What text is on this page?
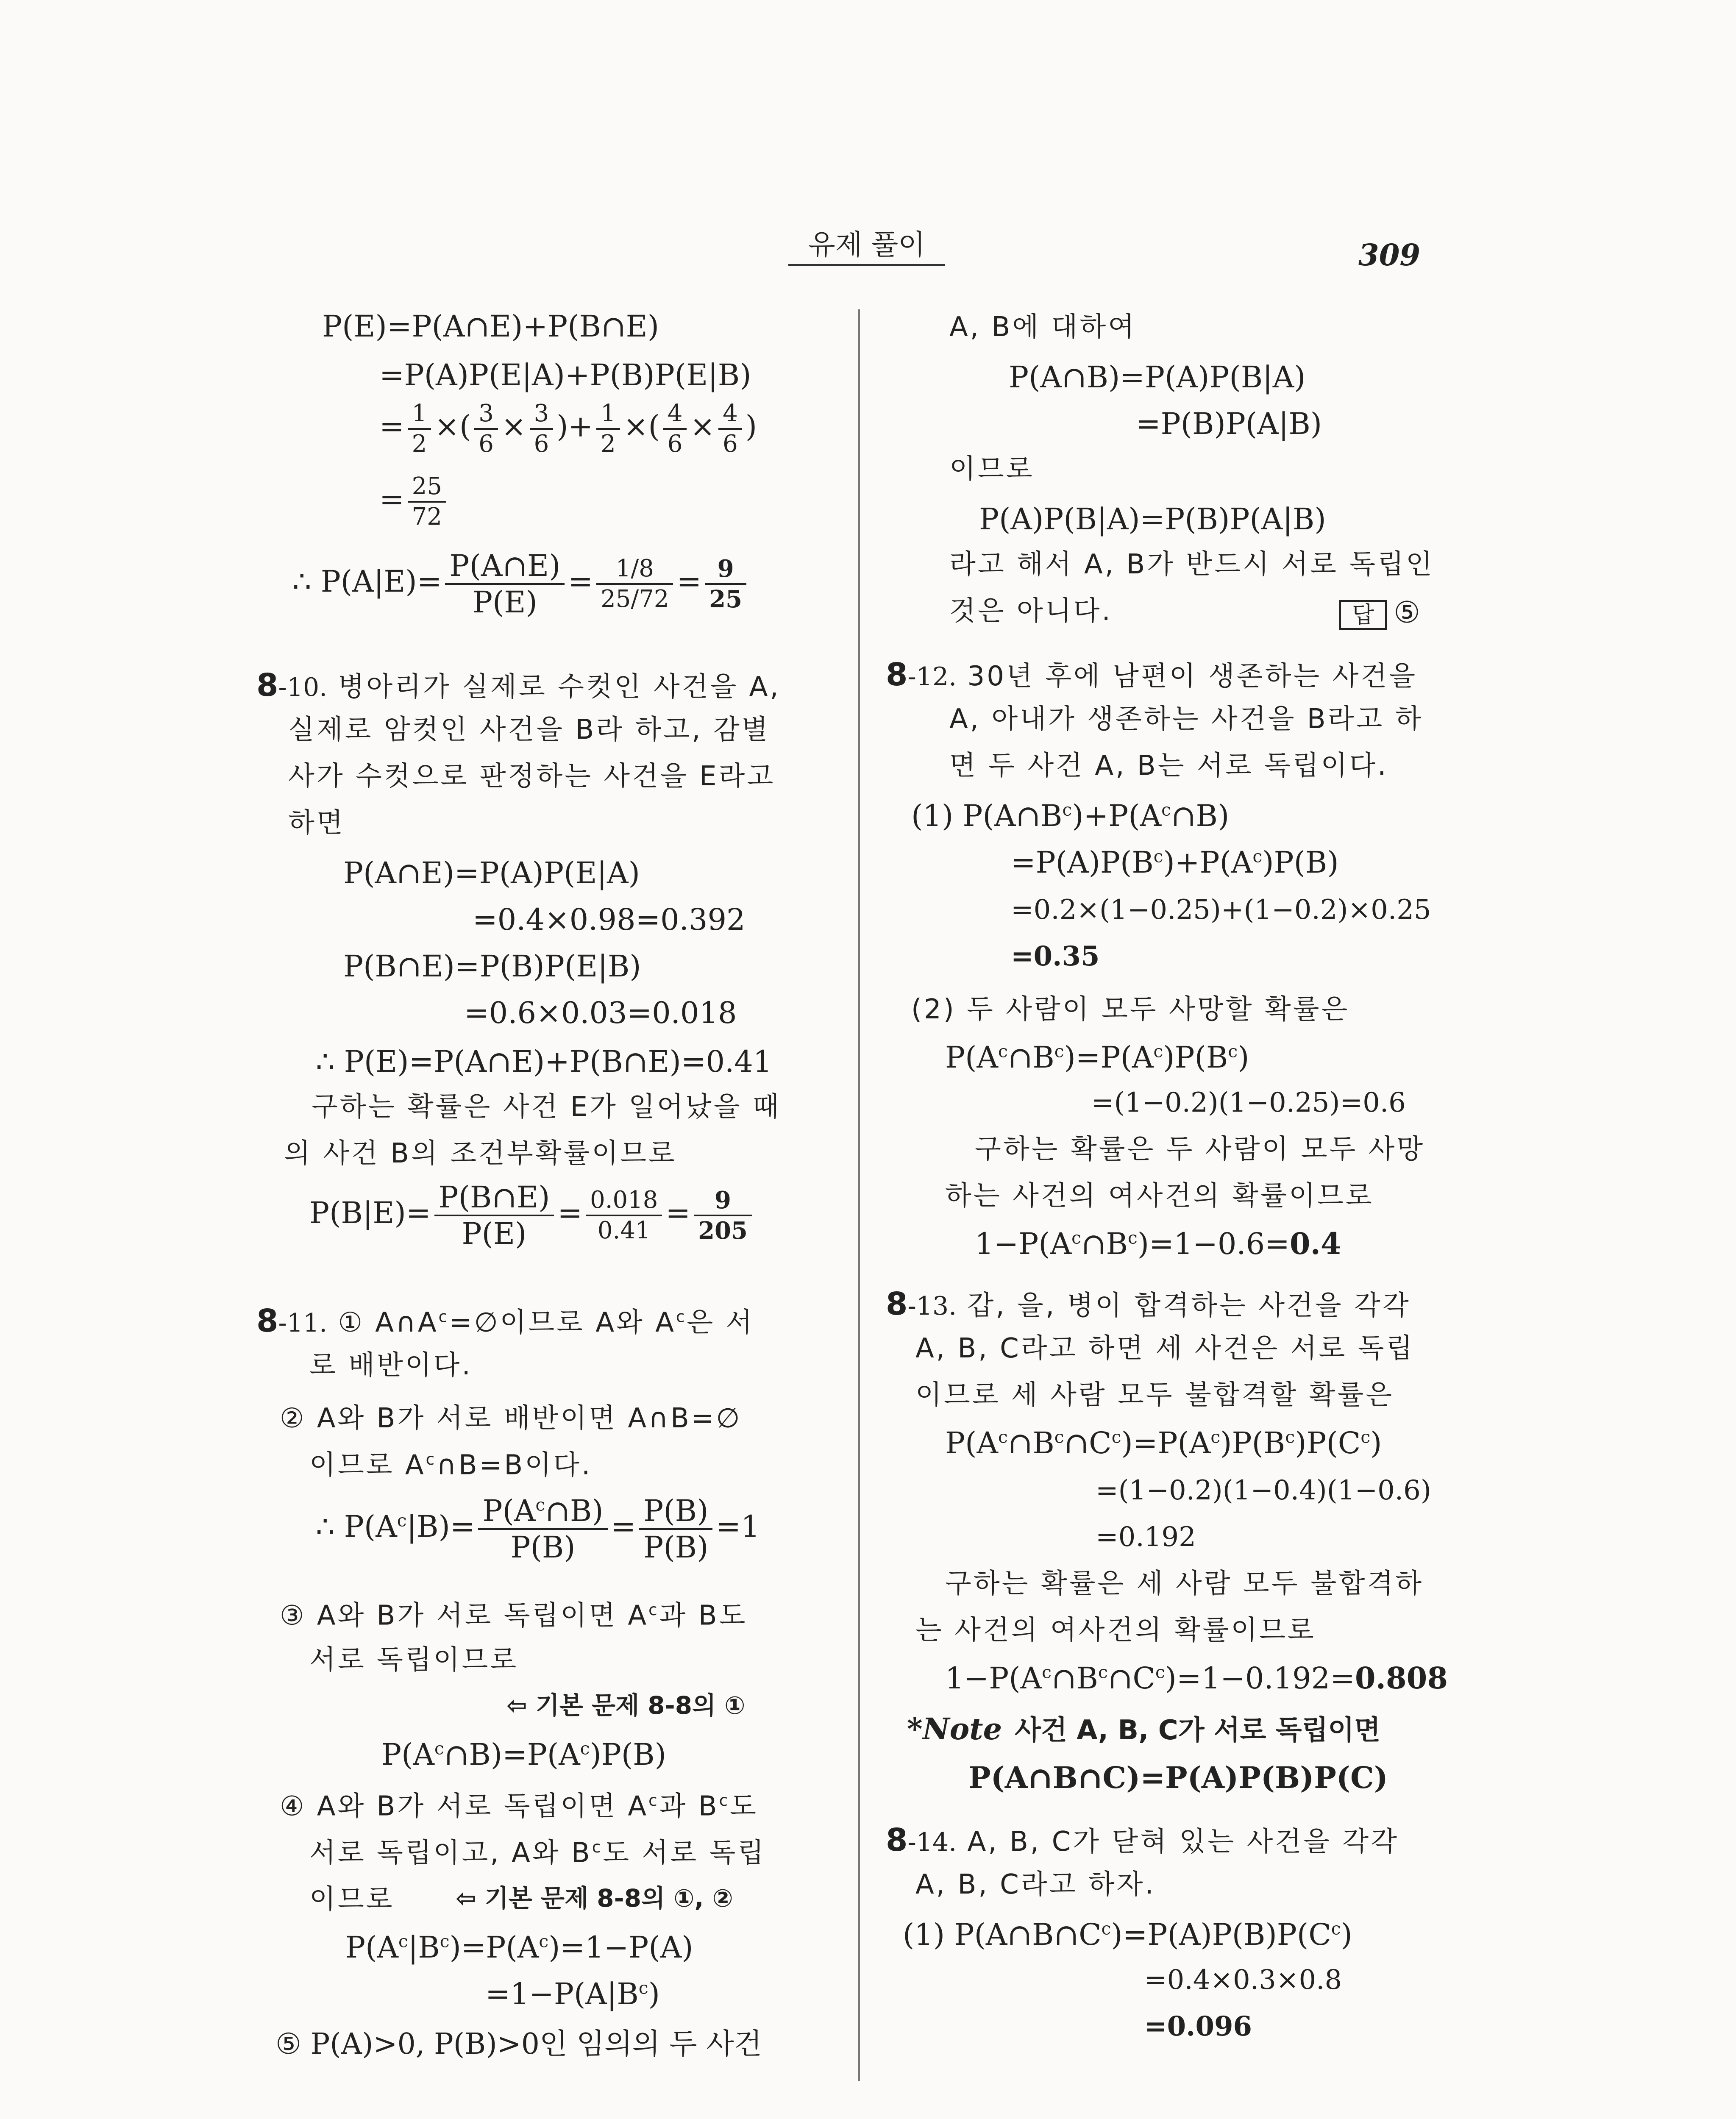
유제 풀이	309
P(E)=P(A∩E)+P(B∩E)
=P(A)P(E|A)+P(B)P(E|B)
= $\frac{1}{2}$ ×( $\frac{3}{6} \times \frac{3}{6}$ )+ $\frac{1}{2}$ ×( $\frac{4}{6} \times \frac{4}{6}$ )
= $\frac{25}{72}$
∴ $P(A|E)= \frac{P(A\cap E)}{P(E)} = \frac{1/8}{25/72} = \frac{9}{25}$
8-10. 병아리가 실제로 수컷인 사건을 A,
실제로 암컷인 사건을 B라 하고, 감별
사가 수컷으로 판정하는 사건을 E라고
하면
P(A∩E)=P(A)P(E|A)
=0.4×0.98=0.392
P(B∩E)=P(B)P(E|B)
=0.6×0.03=0.018
∴ P(E)=P(A∩E)+P(B∩E)=0.41
구하는 확률은 사건 E가 일어났을 때
의 사건 B의 조건부확률이므로
$P(B|E)= \frac{P(B\cap E)}{P(E)} = \frac{0.018}{0.41} = \frac{9}{205}$
8-11. ① $A\cap A^c=\emptyset$이므로 A와 $A^c$은 서
로 배반이다.
② A와 B가 서로 배반이면 A∩B=∅
이므로 $A^c\cap B=B$이다.
∴ $P(A^c|B)= \frac{P(A^c\cap B)}{P(B)} = \frac{P(B)}{P(B)} =1$
③ A와 B가 서로 독립이면 $A^c$과 B도
서로 독립이므로
⇦ 기본 문제 8-8의 ①
$P(A^c\cap B)=P(A^c)P(B)$
④ A와 B가 서로 독립이면 $A^c$과 $B^c$도
서로 독립이고, A와 $B^c$도 서로 독립
이므로 ⇦ 기본 문제 8-8의 ①, ②
$P(A^c|B^c)=P(A^c)=1-P(A)$
$=1-P(A|B^c)$
⑤ P(A)>0, P(B)>0인 임의의 두 사건
A, B에 대하여
P(A∩B)=P(A)P(B|A)
=P(B)P(A|B)
이므로
P(A)P(B|A)=P(B)P(A|B)
라고 해서 A, B가 반드시 서로 독립인
것은 아니다.	답 ⑤
8-12. 30년 후에 남편이 생존하는 사건을
A, 아내가 생존하는 사건을 B라고 하
면 두 사건 A, B는 서로 독립이다.
(1) $P(A\cap B^c)+P(A^c\cap B)$
$=P(A)P(B^c)+P(A^c)P(B)$
=0.2×(1−0.25)+(1−0.2)×0.25
=0.35
(2) 두 사람이 모두 사망할 확률은
$P(A^c\cap B^c)=P(A^c)P(B^c)$
=(1−0.2)(1−0.25)=0.6
구하는 확률은 두 사람이 모두 사망
하는 사건의 여사건의 확률이므로
$1-P(A^c\cap B^c)=1-0.6=0.4$
8-13. 갑, 을, 병이 합격하는 사건을 각각
A, B, C라고 하면 세 사건은 서로 독립
이므로 세 사람 모두 불합격할 확률은
$P(A^c\cap B^c\cap C^c)=P(A^c)P(B^c)P(C^c)$
=(1−0.2)(1−0.4)(1−0.6)
=0.192
구하는 확률은 세 사람 모두 불합격하
는 사건의 여사건의 확률이므로
$1-P(A^c\cap B^c\cap C^c)=1-0.192=0.808$
*Note 사건 A, B, C가 서로 독립이면
P(A∩B∩C)=P(A)P(B)P(C)
8-14. A, B, C가 닫혀 있는 사건을 각각
A, B, C라고 하자.
(1) $P(A\cap B\cap C^c)=P(A)P(B)P(C^c)$
=0.4×0.3×0.8
=0.096
